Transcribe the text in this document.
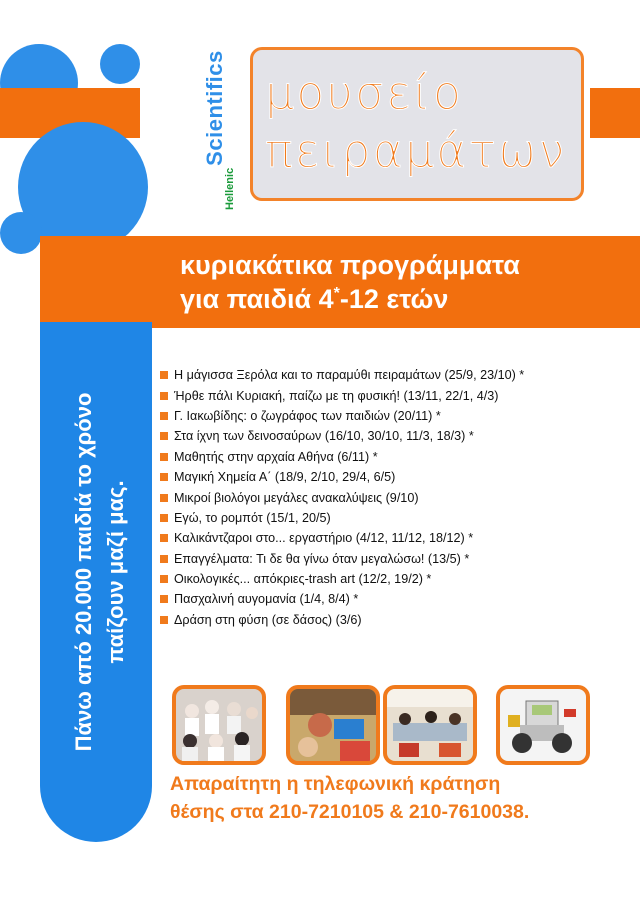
Hellenic
Scientifics μουσείο
πειραμάτων
κυριακάτικα προγράμματα
για παιδιά 4*-12 ετών
Πάνω από 20.000 παιδιά το χρόνο παίζουν μαζί μας.
Η μάγισσα Ξερόλα και το παραμύθι πειραμάτων (25/9, 23/10) *
Ήρθε πάλι Κυριακή, παίζω με τη φυσική! (13/11, 22/1, 4/3)
Γ. Ιακωβίδης: ο ζωγράφος των παιδιών (20/11) *
Στα ίχνη των δεινοσαύρων (16/10, 30/10, 11/3, 18/3) *
Μαθητής στην αρχαία Αθήνα (6/11) *
Μαγική Χημεία Α΄ (18/9, 2/10, 29/4, 6/5)
Μικροί βιολόγοι μεγάλες ανακαλύψεις (9/10)
Εγώ, το ρομπότ (15/1, 20/5)
Καλικάντζαροι στο... εργαστήριο (4/12, 11/12, 18/12) *
Επαγγέλματα: Τι δε θα γίνω όταν μεγαλώσω! (13/5) *
Οικολογικές... απόκριες-trash art (12/2, 19/2) *
Πασχαλινή αυγομανία (1/4, 8/4) *
Δράση στη φύση (σε δάσος) (3/6)
Απαραίτητη η τηλεφωνική κράτηση
θέσης στα 210-7210105 & 210-7610038.
